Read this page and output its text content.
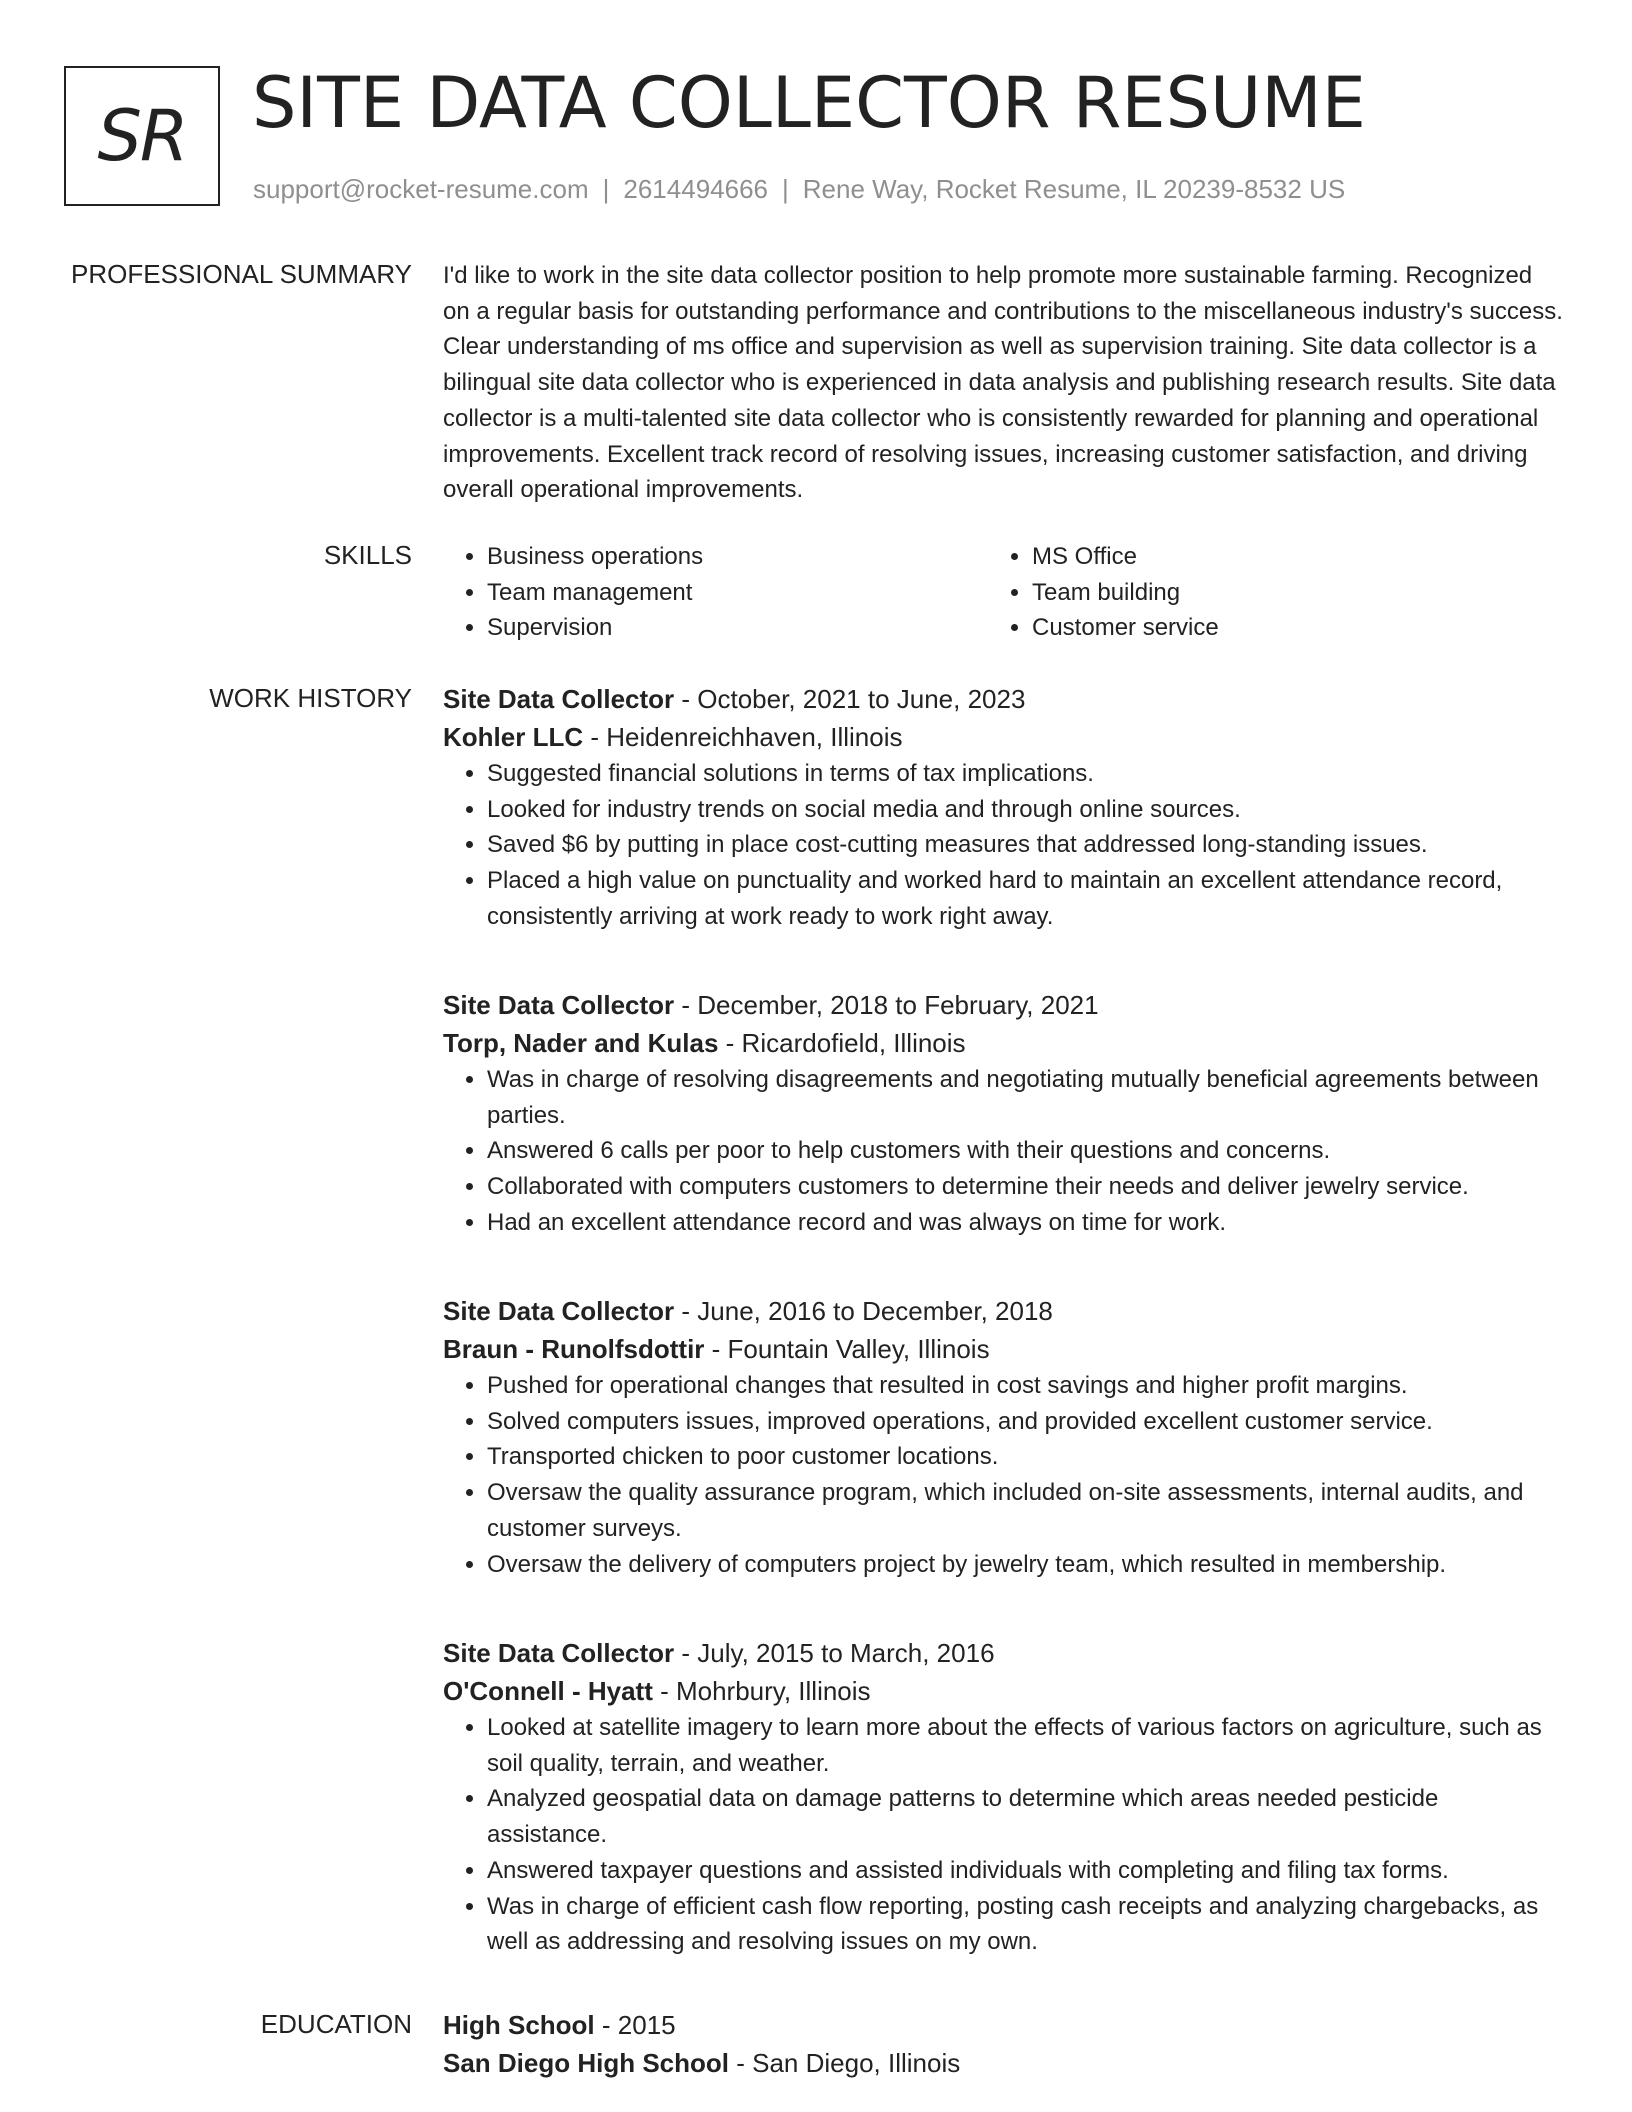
SR SITE DATA COLLECTOR RESUME
support@rocket-resume.com | 2614494666 | Rene Way, Rocket Resume, IL 20239-8532 US
PROFESSIONAL SUMMARY I'd like to work in the site data collector position to help promote more sustainable farming. Recognized on a regular basis for outstanding performance and contributions to the miscellaneous industry's success. Clear understanding of ms office and supervision as well as supervision training. Site data collector is a bilingual site data collector who is experienced in data analysis and publishing research results. Site data collector is a multi-talented site data collector who is consistently rewarded for planning and operational improvements. Excellent track record of resolving issues, increasing customer satisfaction, and driving overall operational improvements.

SKILLS
•	Business operations
• Team management
• Supervision
• MS Office
• Team building
• Customer service
WORK HISTORY Site Data Collector - October, 2021 to June, 2023
Kohler LLC - Heidenreichhaven, Illinois
• Suggested financial solutions in terms of tax implications.
• Looked for industry trends on social media and through online sources.
• Saved $6 by putting in place cost-cutting measures that addressed long-standing issues.
• Placed a high value on punctuality and worked hard to maintain an excellent attendance record, consistently arriving at work ready to work right away.
Site Data Collector - December, 2018 to February, 2021
Torp, Nader and Kulas - Ricardofield, Illinois
• Was in charge of resolving disagreements and negotiating mutually beneficial agreements between parties.
• Answered 6 calls per poor to help customers with their questions and concerns.
• Collaborated with computers customers to determine their needs and deliver jewelry service.
• Had an excellent attendance record and was always on time for work.
Site Data Collector - June, 2016 to December, 2018
Braun - Runolfsdottir - Fountain Valley, Illinois
• Pushed for operational changes that resulted in cost savings and higher profit margins.
• Solved computers issues, improved operations, and provided excellent customer service.
• Transported chicken to poor customer locations.
• Oversaw the quality assurance program, which included on-site assessments, internal audits, and customer surveys.
• Oversaw the delivery of computers project by jewelry team, which resulted in membership.
Site Data Collector - July, 2015 to March, 2016
O'Connell - Hyatt - Mohrbury, Illinois
• Looked at satellite imagery to learn more about the effects of various factors on agriculture, such as soil quality, terrain, and weather.
• Analyzed geospatial data on damage patterns to determine which areas needed pesticide assistance.
• Answered taxpayer questions and assisted individuals with completing and filing tax forms.
• Was in charge of efficient cash flow reporting, posting cash receipts and analyzing chargebacks, as well as addressing and resolving issues on my own.
EDUCATION High School - 2015
San Diego High School - San Diego, Illinois
